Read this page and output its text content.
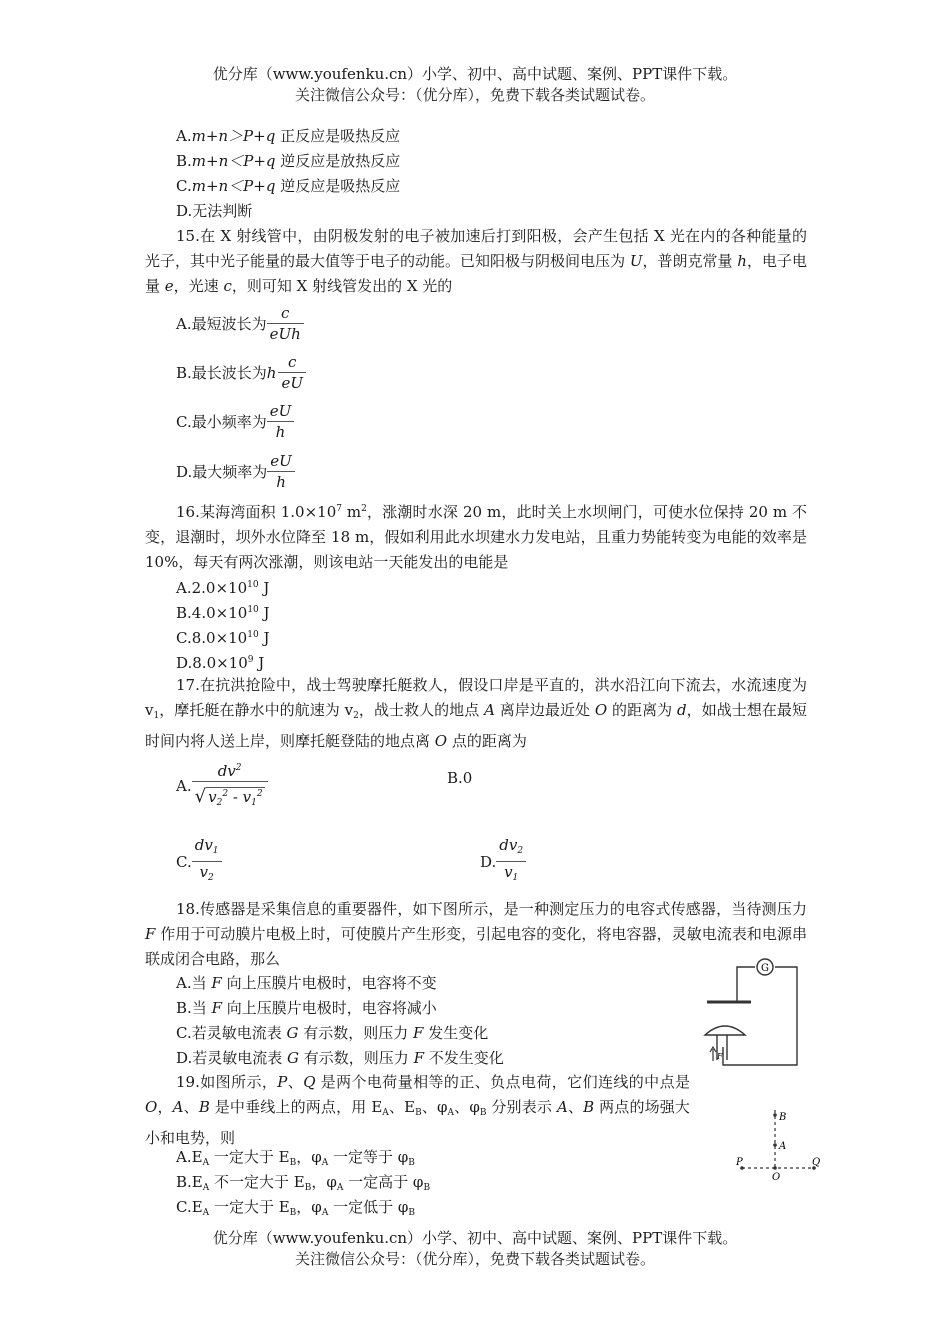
优分库（www.youfenku.cn）小学、初中、高中试题、案例、PPT课件下载。
关注微信公众号：（优分库），免费下载各类试题试卷。
A.m+n＞P+q 正反应是吸热反应
B.m+n＜P+q 逆反应是放热反应
C.m+n＜P+q 逆反应是吸热反应
D.无法判断
15.在 X 射线管中，由阴极发射的电子被加速后打到阳极，会产生包括 X 光在内的各种能量的光子，其中光子能量的最大值等于电子的动能。已知阳极与阴极间电压为 U，普朗克常量 h，电子电量 e，光速 c，则可知 X 射线管发出的 X 光的
A.最短波长为 $\frac{c}{\text{eUh}}$
B.最长波长为 h $\frac{c}{eU}$
C.最小频率为 $\frac{eU}{h}$
D.最大频率为 $\frac{eU}{h}$
16.某海湾面积 $1.0\times 10^7$ $m^2$，涨潮时水深 20 m，此时关上水坝闸门，可使水位保持 20 m 不变，退潮时，坝外水位降至 18 m，假如利用此水坝建水力发电站，且重力势能转变为电能的效率是 10%，每天有两次涨潮，则该电站一天能发出的电能是
$A.2.0\times 10^{10}$ J
$B.4.0\times 10^{10}$ J
$C.8.0\times 10^{10}$ J
$D.8.0\times 10^9$ J
17.在抗洪抢险中，战士驾驶摩托艇救人，假设口岸是平直的，洪水沿江向下流去，水流速度为 $v_1$，摩托艇在静水中的航速为 $v_2$，战士救人的地点 A 离岸边最近处 O 的距离为 d，如战士想在最短时间内将人送上岸，则摩托艇登陆的地点离 O 点的距离为
A. $\frac{dv^2}{√ v_2^2 - v_1^2}$	B.0
C. $\frac{dv_1}{v_2}$	D. $\frac{dv_2}{v_1}$
18.传感器是采集信息的重要器件，如下图所示，是一种测定压力的电容式传感器，当待测压力 F 作用于可动膜片电极上时，可使膜片产生形变，引起电容的变化，将电容器，灵敏电流表和电源串联成闭合电路，那么
A.当 F 向上压膜片电极时，电容将不变
B.当 F 向上压膜片电极时，电容将减小
C.若灵敏电流表 G 有示数，则压力 F 发生变化
D.若灵敏电流表 G 有示数，则压力 F 不发生变化
G
F
19.如图所示，P、Q 是两个电荷量相等的正、负点电荷，它们连线的中点是 O，A、B 是中垂线上的两点，用 $E_A$、$E_B$、$\varphi_A$、$\varphi_B$ 分别表示 A、B 两点的场强大小和电势，则
$A.E_A$ 一定大于 $E_B$，$\varphi_A$ 一定等于 $\varphi_B$
$B.E_A$ 不一定大于 $E_B$，$\varphi_A$ 一定高于 $\varphi_B$
$C.E_A$ 一定大于 $E_B$，$\varphi_A$ 一定低于 $\varphi_B$
B
A
P
O
Q
优分库（www.youfenku.cn）小学、初中、高中试题、案例、PPT课件下载。
关注微信公众号：（优分库），免费下载各类试题试卷。
